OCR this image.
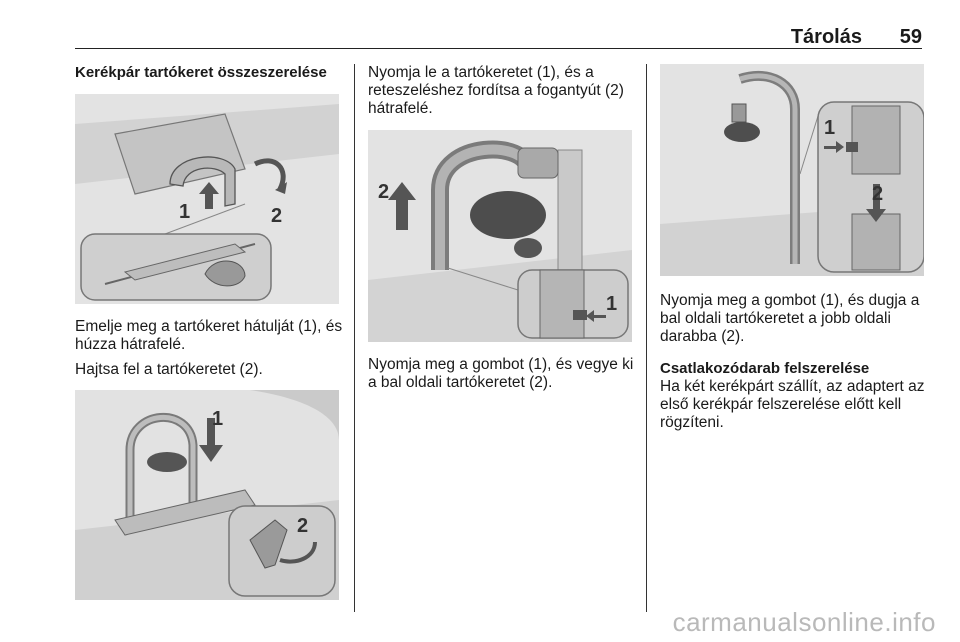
Tárolás 59

Kerékpár tartókeret összeszerelése

1	2

Emelje meg a tartókeret hátulját (1), és húzza hátrafelé.

Hajtsa fel a tartókeretet (2).

1
2

Nyomja le a tartókeretet (1), és a reteszeléshez fordítsa a fogantyút (2) hátrafelé.

2
1

Nyomja meg a gombot (1), és vegye ki a bal oldali tartókeretet (2).

1
2

Nyomja meg a gombot (1), és dugja a bal oldali tartókeretet a jobb oldali darabba (2).

Csatlakozódarab felszerelése

Ha két kerékpárt szállít, az adaptert az első kerékpár felszerelése előtt kell rögzíteni.

carmanualsonline.info
